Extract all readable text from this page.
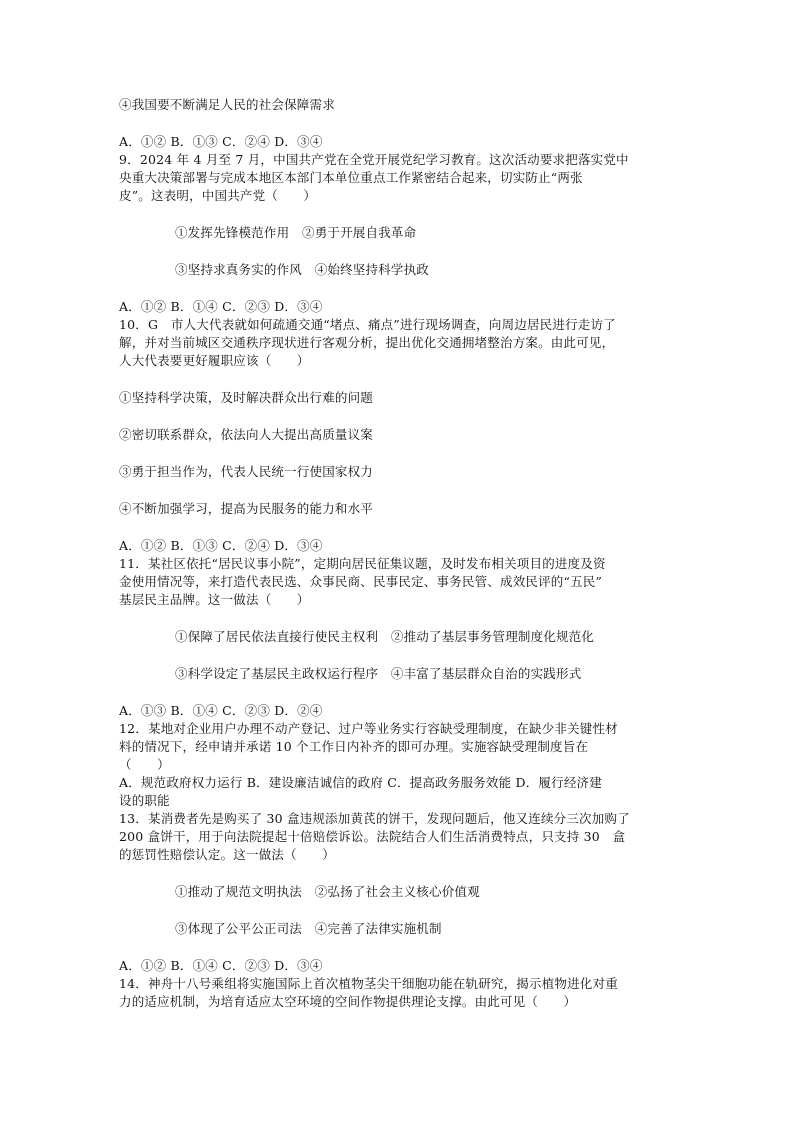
④我国要不断满足人民的社会保障需求
A．①② B．①③ C．②④ D．③④
9．2024 年 4 月至 7 月，中国共产党在全党开展党纪学习教育。这次活动要求把落实党中
央重大决策部署与完成本地区本部门本单位重点工作紧密结合起来，切实防止“两张
皮”。这表明，中国共产党（　　）
①发挥先锋模范作用　②勇于开展自我革命
③坚持求真务实的作风　④始终坚持科学执政
A．①② B．①④ C．②③ D．③④
10．G　市人大代表就如何疏通交通“堵点、痛点”进行现场调查，向周边居民进行走访了
解，并对当前城区交通秩序现状进行客观分析，提出优化交通拥堵整治方案。由此可见，
人大代表要更好履职应该（　　）
①坚持科学决策，及时解决群众出行难的问题
②密切联系群众，依法向人大提出高质量议案
③勇于担当作为，代表人民统一行使国家权力
④不断加强学习，提高为民服务的能力和水平
A．①② B．①③ C．②④ D．③④
11．某社区依托“居民议事小院”，定期向居民征集议题，及时发布相关项目的进度及资
金使用情况等，来打造代表民选、众事民商、民事民定、事务民管、成效民评的“五民”
基层民主品牌。这一做法（　　）
①保障了居民依法直接行使民主权利　②推动了基层事务管理制度化规范化
③科学设定了基层民主政权运行程序　④丰富了基层群众自治的实践形式
A．①③ B．①④ C．②③ D．②④
12．某地对企业用户办理不动产登记、过户等业务实行容缺受理制度，在缺少非关键性材
料的情况下，经申请并承诺 10 个工作日内补齐的即可办理。实施容缺受理制度旨在
（　　）
A．规范政府权力运行 B．建设廉洁诚信的政府 C．提高政务服务效能 D．履行经济建
设的职能
13．某消费者先是购买了 30 盒违规添加黄芪的饼干，发现问题后，他又连续分三次加购了
200 盒饼干，用于向法院提起十倍赔偿诉讼。法院结合人们生活消费特点，只支持 30　盒
的惩罚性赔偿认定。这一做法（　　）
①推动了规范文明执法　②弘扬了社会主义核心价值观
③体现了公平公正司法　④完善了法律实施机制
A．①② B．①④ C．②③ D．③④
14．神舟十八号乘组将实施国际上首次植物茎尖干细胞功能在轨研究，揭示植物进化对重
力的适应机制，为培育适应太空环境的空间作物提供理论支撑。由此可见（　　）
